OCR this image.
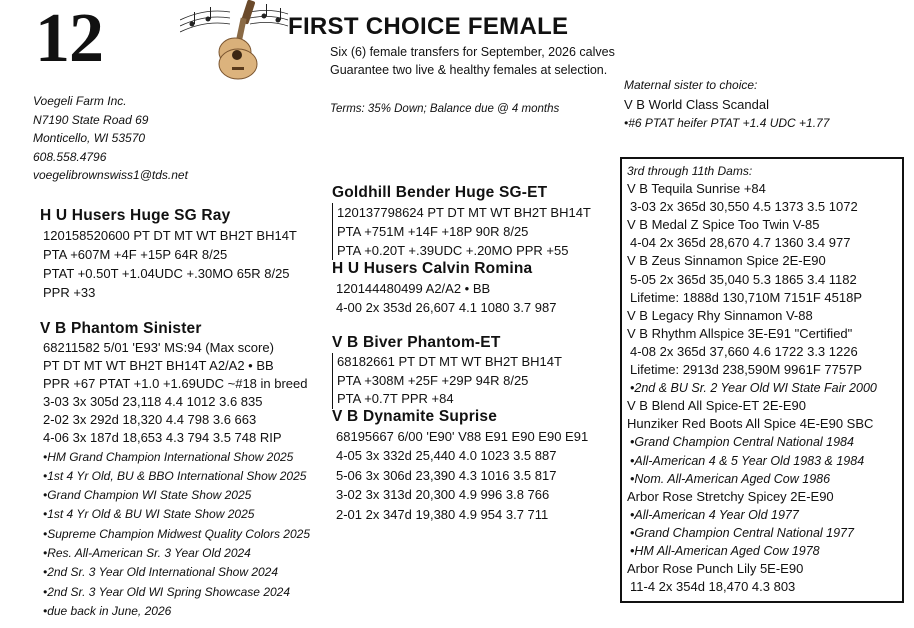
12	FIRST CHOICE FEMALE
Six (6) female transfers for September, 2026 calves
Guarantee two live & healthy females at selection.
Terms: 35% Down; Balance due @ 4 months
Voegeli Farm Inc.
N7190 State Road 69
Monticello, WI 53570
608.558.4796
voegelibrownswiss1@tds.net
Maternal sister to choice:
V B World Class Scandal
•#6 PTAT heifer PTAT +1.4 UDC +1.77
H U Husers Huge SG Ray
120158520600 PT DT MT WT BH2T BH14T
PTA +607M +4F +15P 64R 8/25
PTAT +0.50T +1.04UDC +.30MO 65R 8/25
PPR +33
V B Phantom Sinister
68211582 5/01 'E93' MS:94 (Max score)
PT DT MT WT BH2T BH14T A2/A2 • BB
PPR +67 PTAT +1.0 +1.69UDC ~#18 in breed
3-03 3x 305d 23,118 4.4 1012 3.6 835
2-02 3x 292d 18,320 4.4 798 3.6 663
4-06 3x 187d 18,653 4.3 794 3.5 748 RIP
•HM Grand Champion International Show 2025
•1st 4 Yr Old, BU & BBO International Show 2025
•Grand Champion WI State Show 2025
•1st 4 Yr Old & BU WI State Show 2025
•Supreme Champion Midwest Quality Colors 2025
•Res. All-American Sr. 3 Year Old 2024
•2nd Sr. 3 Year Old International Show 2024
•2nd Sr. 3 Year Old WI Spring Showcase 2024
•due back in June, 2026
Goldhill Bender Huge SG-ET
120137798624 PT DT MT WT BH2T BH14T
PTA +751M +14F +18P 90R 8/25
PTA +0.20T +.39UDC +.20MO PPR +55
H U Husers Calvin Romina
120144480499 A2/A2 • BB
4-00 2x 353d 26,607 4.1 1080 3.7 987
V B Biver Phantom-ET
68182661 PT DT MT WT BH2T BH14T
PTA +308M +25F +29P 94R 8/25
PTA +0.7T PPR +84
V B Dynamite Suprise
68195667 6/00 'E90' V88 E91 E90 E90 E91
4-05 3x 332d 25,440 4.0 1023 3.5 887
5-06 3x 306d 23,390 4.3 1016 3.5 817
3-02 3x 313d 20,300 4.9 996 3.8 766
2-01 2x 347d 19,380 4.9 954 3.7 711
3rd through 11th Dams:
V B Tequila Sunrise +84
3-03 2x 365d 30,550 4.5 1373 3.5 1072
V B Medal Z Spice Too Twin V-85
4-04 2x 365d 28,670 4.7 1360 3.4 977
V B Zeus Sinnamon Spice 2E-E90
5-05 2x 365d 35,040 5.3 1865 3.4 1182
Lifetime: 1888d 130,710M 7151F 4518P
V B Legacy Rhy Sinnamon V-88
V B Rhythm Allspice 3E-E91 "Certified"
4-08 2x 365d 37,660 4.6 1722 3.3 1226
Lifetime: 2913d 238,590M 9961F 7757P
•2nd & BU Sr. 2 Year Old WI State Fair 2000
V B Blend All Spice-ET 2E-E90
Hunziker Red Boots All Spice 4E-E90 SBC
•Grand Champion Central National 1984
•All-American 4 & 5 Year Old 1983 & 1984
•Nom. All-American Aged Cow 1986
Arbor Rose Stretchy Spicey 2E-E90
•All-American 4 Year Old 1977
•Grand Champion Central National 1977
•HM All-American Aged Cow 1978
Arbor Rose Punch Lily 5E-E90
11-4 2x 354d 18,470 4.3 803
